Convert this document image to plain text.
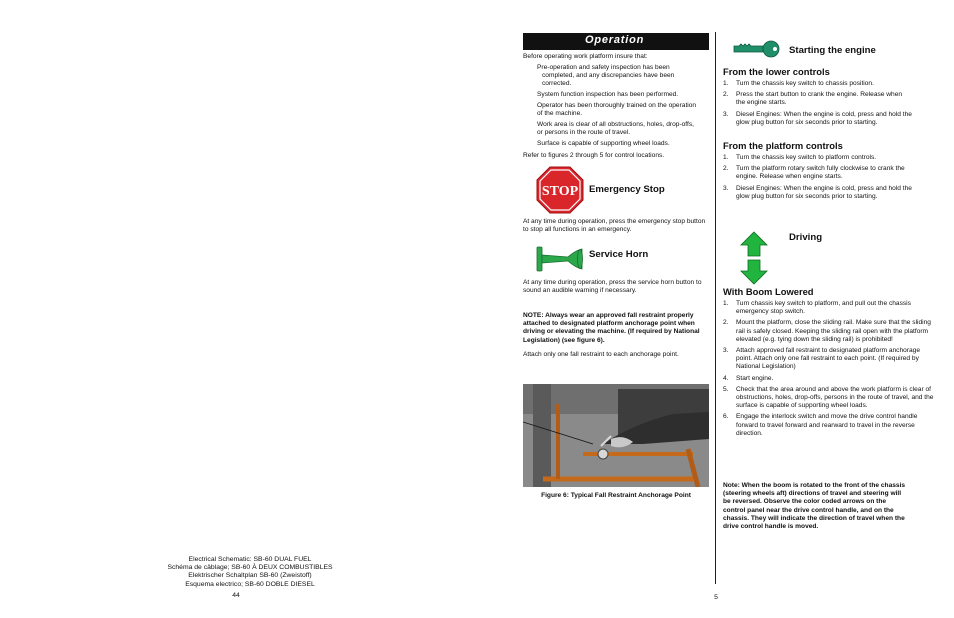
Electrical Schematic: SB-60 DUAL FUEL
Schéma de câblage; SB-60 À DEUX COMBUSTIBLES
Elektrischer Schaltplan SB-60 (Zweistoff)
Esquema electrico; SB-60 DOBLE DIESEL
44	5
Operation
Before operating work platform insure that:
Pre-operation and safety inspection has been completed, and any discrepancies have been corrected.
System function inspection has been performed.
Operator has been thoroughly trained on the operation of the machine.
Work area is clear of all obstructions, holes, drop-offs, or persons in the route of travel.
Surface is capable of supporting wheel loads.
Refer to figures 2 through 5 for control locations.
STOP Emergency Stop
At any time during operation, press the emergency stop button to stop all functions in an emergency.
Service Horn
At any time during operation, press the service horn button to sound an audible warning if necessary.
NOTE: Always wear an approved fall restraint properly attached to designated platform anchorage point when driving or elevating the machine. (If required by National Legislation) (see figure 6).
Attach only one fall restraint to each anchorage point.
Figure 6: Typical Fall Restraint Anchorage Point
Starting the engine
From the lower controls
1. Turn the chassis key switch to chassis position.
2. Press the start button to crank the engine. Release when the engine starts.
3. Diesel Engines: When the engine is cold, press and hold the glow plug button for six seconds prior to starting.
From the platform controls
1. Turn the chassis key switch to platform controls.
2. Turn the platform rotary switch fully clockwise to crank the engine. Release when engine starts.
3. Diesel Engines: When the engine is cold, press and hold the glow plug button for six seconds prior to starting.
Driving
With Boom Lowered
1. Turn chassis key switch to platform, and pull out the chassis emergency stop switch.
2. Mount the platform, close the sliding rail. Make sure that the sliding rail is safely closed. Keeping the sliding rail open with the platform elevated (e.g. tying down the sliding rail) is prohibited!
3. Attach approved fall restraint to designated platform anchorage point. Attach only one fall restraint to each point. (If required by National Legislation)
4. Start engine.
5. Check that the area around and above the work platform is clear of obstructions, holes, drop-offs, persons in the route of travel, and the surface is capable of supporting wheel loads.
6. Engage the interlock switch and move the drive control handle forward to travel forward and rearward to travel in the reverse direction.
Note: When the boom is rotated to the front of the chassis (steering wheels aft) directions of travel and steering will be reversed. Observe the color coded arrows on the control panel near the drive control handle, and on the chassis. They will indicate the direction of travel when the drive control handle is moved.
